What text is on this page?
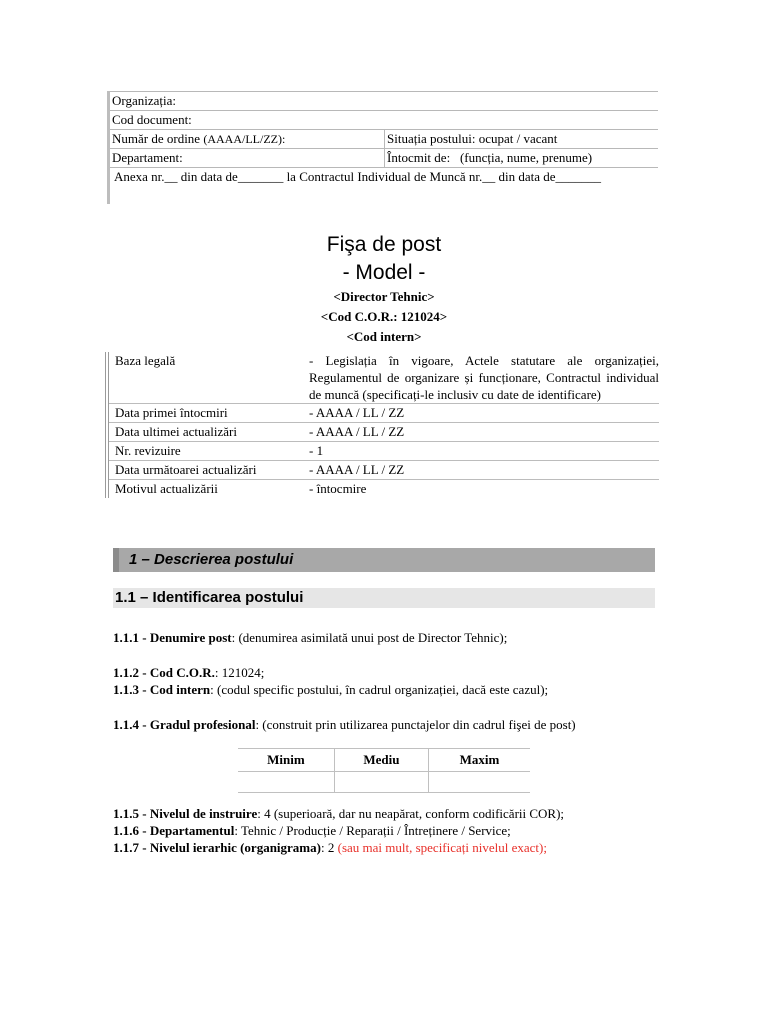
Organizația:
Cod document:
Număr de ordine (AAAA/LL/ZZ):	Situația postului: ocupat / vacant
Departament:	Întocmit de: (funcția, nume, prenume)
Anexa nr.__ din data de_______ la Contractul Individual de Muncă nr.__ din data de_______
Fişa de post
- Model -
<Director Tehnic>
<Cod C.O.R.: 121024>
<Cod intern>
Baza legală	- Legislația în vigoare, Actele statutare ale organizației, Regulamentul de organizare și funcționare, Contractul individual de muncă (specificați-le inclusiv cu date de identificare)
Data primei întocmiri	- AAAA / LL / ZZ
Data ultimei actualizări	- AAAA / LL / ZZ
Nr. revizuire	- 1
Data următoarei actualizări	- AAAA / LL / ZZ
Motivul actualizării	- întocmire
1 – Descrierea postului
1.1 – Identificarea postului
1.1.1 - Denumire post: (denumirea asimilată unui post de Director Tehnic);
1.1.2 - Cod C.O.R.: 121024;
1.1.3 - Cod intern: (codul specific postului, în cadrul organizației, dacă este cazul);
1.1.4 - Gradul profesional: (construit prin utilizarea punctajelor din cadrul fişei de post)
Minim	Mediu	Maxim

1.1.5 - Nivelul de instruire: 4 (superioară, dar nu neapărat, conform codificării COR);
1.1.6 - Departamentul: Tehnic / Producție / Reparații / Întreținere / Service;
1.1.7 - Nivelul ierarhic (organigrama): 2 (sau mai mult, specificați nivelul exact);
